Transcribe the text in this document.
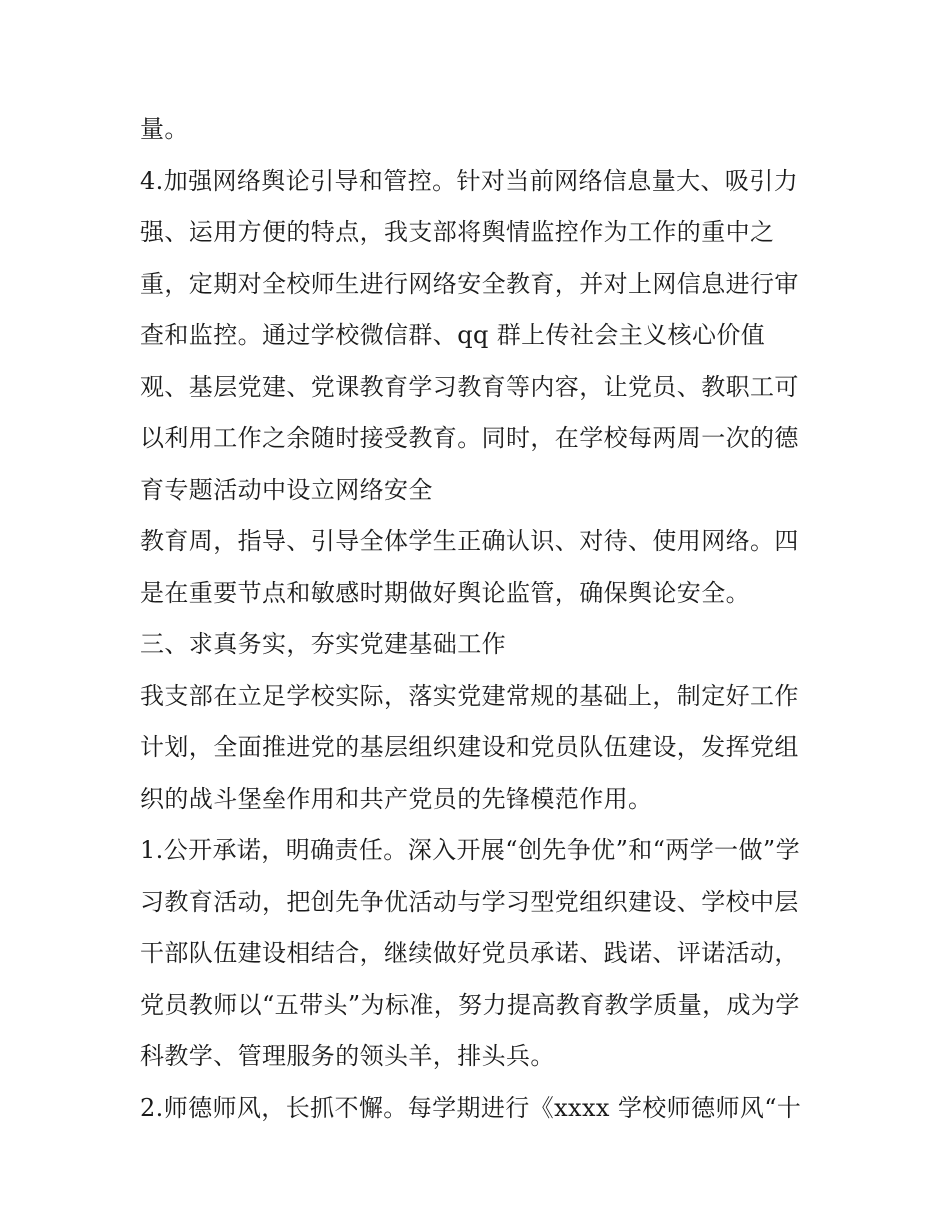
量。
4.加强网络舆论引导和管控。针对当前网络信息量大、吸引力
强、运用方便的特点，我支部将舆情监控作为工作的重中之
重，定期对全校师生进行网络安全教育，并对上网信息进行审
查和监控。通过学校微信群、qq 群上传社会主义核心价值
观、基层党建、党课教育学习教育等内容，让党员、教职工可
以利用工作之余随时接受教育。同时，在学校每两周一次的德
育专题活动中设立网络安全
教育周，指导、引导全体学生正确认识、对待、使用网络。四
是在重要节点和敏感时期做好舆论监管，确保舆论安全。
三、求真务实，夯实党建基础工作
我支部在立足学校实际，落实党建常规的基础上，制定好工作
计划，全面推进党的基层组织建设和党员队伍建设，发挥党组
织的战斗堡垒作用和共产党员的先锋模范作用。
1.公开承诺，明确责任。深入开展“创先争优”和“两学一做”学
习教育活动，把创先争优活动与学习型党组织建设、学校中层
干部队伍建设相结合，继续做好党员承诺、践诺、评诺活动，
党员教师以“五带头”为标准，努力提高教育教学质量，成为学
科教学、管理服务的领头羊，排头兵。
2.师德师风，长抓不懈。每学期进行《xxxx 学校师德师风“十
